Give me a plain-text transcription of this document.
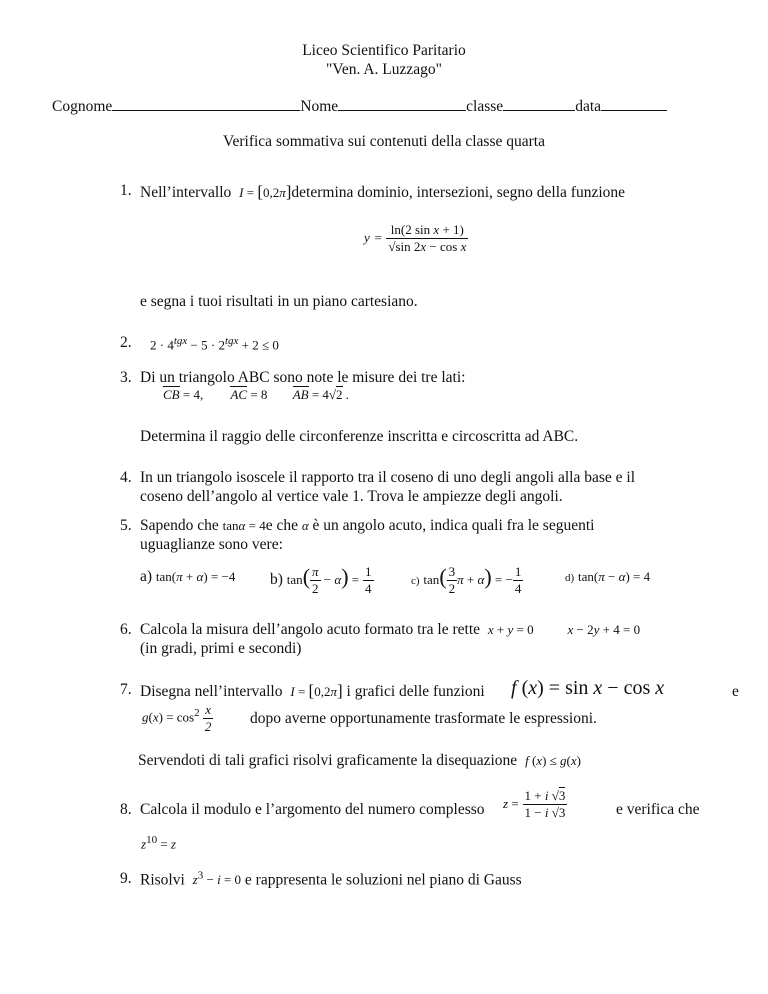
Liceo Scientifico Paritario
"Ven. A. Luzzago"
Cognome	Nome	classe	data
Verifica sommativa sui contenuti della classe quarta
1. Nell’intervallo I = [0,2π]determina dominio, intersezioni, segno della funzione
$y = \frac{\text{ln(2 sin x + 1)}}{\text{√sin 2x − cos x}}$
e segna i tuoi risultati in un piano cartesiano.
2. $2 \cdot 4^{tgx} - 5 \cdot 2^{tgx} + 2 \le 0$
3. Di un triangolo ABC sono note le misure dei tre lati:
CB = 4, AC = 8 AB = 4√2 .
Determina il raggio delle circonferenze inscritta e circoscritta ad ABC.
4. In un triangolo isoscele il rapporto tra il coseno di uno degli angoli alla base e il
coseno dell’angolo al vertice vale 1. Trova le ampiezze degli angoli.
5. Sapendo che tanα = 4e che α è un angolo acuto, indica quali fra le seguenti
uguaglianze sono vere:
a) tan(π + α) = −4 b) $\tan( \frac{\pi}{2} - \alpha) = \frac{1}{4}$	c) $\tan( \frac{3}{2}$ π + α) = − $\frac{1}{4}$	d) tan(π − α) = 4
6. Calcola la misura dell’angolo acuto formato tra le rette x + y = 0	x − 2y + 4 = 0
(in gradi, primi e secondi)
7. Disegna nell’intervallo I = [0,2π] i grafici delle funzioni f (x) = sin x − cos x	e
$g(x) = \cos^2 \frac{x}{2}$ dopo averne opportunamente trasformate le espressioni.
Servendoti di tali grafici risolvi graficamente la disequazione f (x) ≤ g(x)
8. Calcola il modulo e l’argomento del numero complesso $z = \frac{1 + i √3}{1 - i √3}$	e verifica che
$z^{10} = z$
9. Risolvi $z^3 - i = 0$ e rappresenta le soluzioni nel piano di Gauss
